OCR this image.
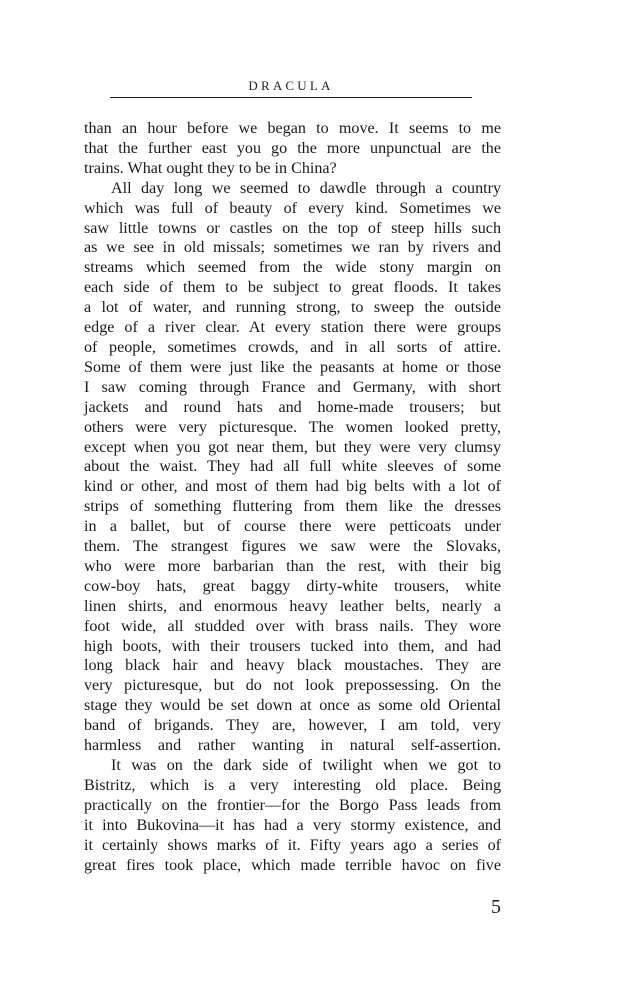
DRACULA
than an hour before we began to move. It seems to me
that the further east you go the more unpunctual are the
trains. What ought they to be in China?
All day long we seemed to dawdle through a country
which was full of beauty of every kind. Sometimes we
saw little towns or castles on the top of steep hills such
as we see in old missals; sometimes we ran by rivers and
streams which seemed from the wide stony margin on
each side of them to be subject to great floods. It takes
a lot of water, and running strong, to sweep the outside
edge of a river clear. At every station there were groups
of people, sometimes crowds, and in all sorts of attire.
Some of them were just like the peasants at home or those
I saw coming through France and Germany, with short
jackets and round hats and home-made trousers; but
others were very picturesque. The women looked pretty,
except when you got near them, but they were very clumsy
about the waist. They had all full white sleeves of some
kind or other, and most of them had big belts with a lot of
strips of something fluttering from them like the dresses
in a ballet, but of course there were petticoats under
them. The strangest figures we saw were the Slovaks,
who were more barbarian than the rest, with their big
cow-boy hats, great baggy dirty-white trousers, white
linen shirts, and enormous heavy leather belts, nearly a
foot wide, all studded over with brass nails. They wore
high boots, with their trousers tucked into them, and had
long black hair and heavy black moustaches. They are
very picturesque, but do not look prepossessing. On the
stage they would be set down at once as some old Oriental
band of brigands. They are, however, I am told, very
harmless and rather wanting in natural self-assertion.
It was on the dark side of twilight when we got to
Bistritz, which is a very interesting old place. Being
practically on the frontier—for the Borgo Pass leads from
it into Bukovina—it has had a very stormy existence, and
it certainly shows marks of it. Fifty years ago a series of
great fires took place, which made terrible havoc on five
5
